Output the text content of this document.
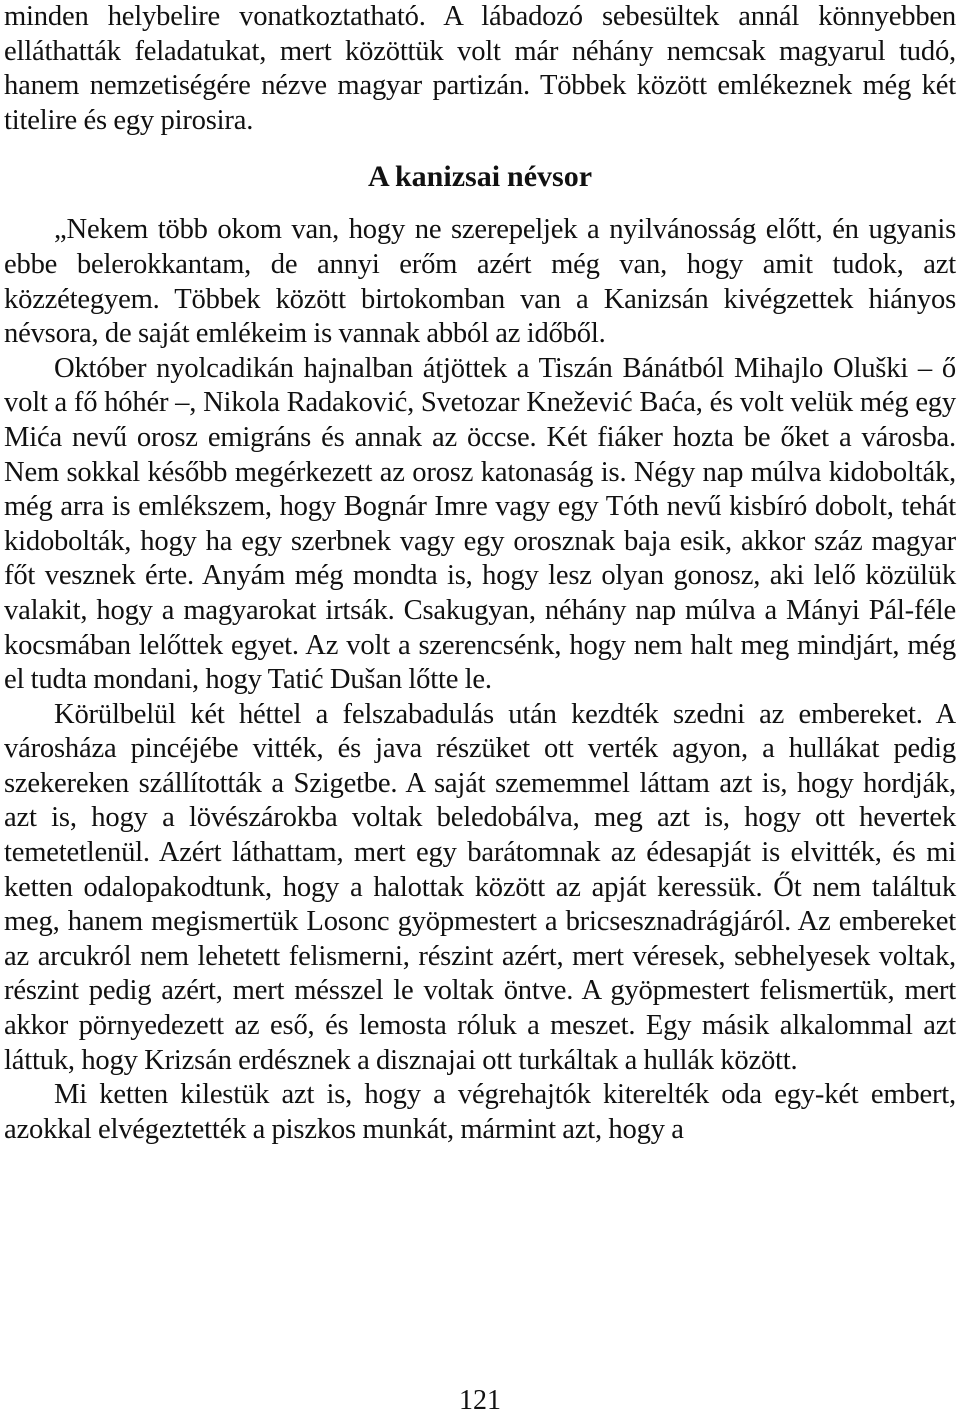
minden helybelire vonatkoztatható. A lábadozó sebesültek annál könnyebben elláthatták feladatukat, mert közöttük volt már néhány nemcsak magyarul tudó, hanem nemzetiségére nézve magyar partizán. Többek között emlékeznek még két titelire és egy pirosira.

A kanizsai névsor

„Nekem több okom van, hogy ne szerepeljek a nyilvánosság előtt, én ugyanis ebbe belerokkantam, de annyi erőm azért még van, hogy amit tudok, azt közzétegyem. Többek között birtokomban van a Kanizsán kivégzettek hiányos névsora, de saját emlékeim is vannak abból az időből.

Október nyolcadikán hajnalban átjöttek a Tiszán Bánátból Mihajlo Oluški – ő volt a fő hóhér –, Nikola Radaković, Svetozar Knežević Baća, és volt velük még egy Mića nevű orosz emigráns és annak az öccse. Két fiáker hozta be őket a városba. Nem sokkal később megérkezett az orosz katonaság is. Négy nap múlva kidobolták, még arra is emlékszem, hogy Bognár Imre vagy egy Tóth nevű kisbíró dobolt, tehát kidobolták, hogy ha egy szerbnek vagy egy orosznak baja esik, akkor száz magyar főt vesznek érte. Anyám még mondta is, hogy lesz olyan gonosz, aki lelő közülük valakit, hogy a magyarokat irtsák. Csakugyan, néhány nap múlva a Mányi Pál-féle kocsmában lelőttek egyet. Az volt a szerencsénk, hogy nem halt meg mindjárt, még el tudta mondani, hogy Tatić Dušan lőtte le.

Körülbelül két héttel a felszabadulás után kezdték szedni az embereket. A városháza pincéjébe vitték, és java részüket ott verték agyon, a hullákat pedig szekereken szállították a Szigetbe. A saját szememmel láttam azt is, hogy hordják, azt is, hogy a lövészárokba voltak beledobálva, meg azt is, hogy ott hevertek temetetlenül. Azért láthattam, mert egy barátomnak az édesapját is elvitték, és mi ketten odalopakodtunk, hogy a halottak között az apját keressük. Őt nem találtuk meg, hanem megismertük Losonc gyöpmestert a bricsesznadrágjáról. Az embereket az arcukról nem lehetett felismerni, részint azért, mert véresek, sebhelyesek voltak, részint pedig azért, mert mésszel le voltak öntve. A gyöpmestert felismertük, mert akkor pörnyedezett az eső, és lemosta róluk a meszet. Egy másik alkalommal azt láttuk, hogy Krizsán erdésznek a disznajai ott turkáltak a hullák között.

Mi ketten kilestük azt is, hogy a végrehajtók kiterelték oda egy-két embert, azokkal elvégeztették a piszkos munkát, mármint azt, hogy a

121
